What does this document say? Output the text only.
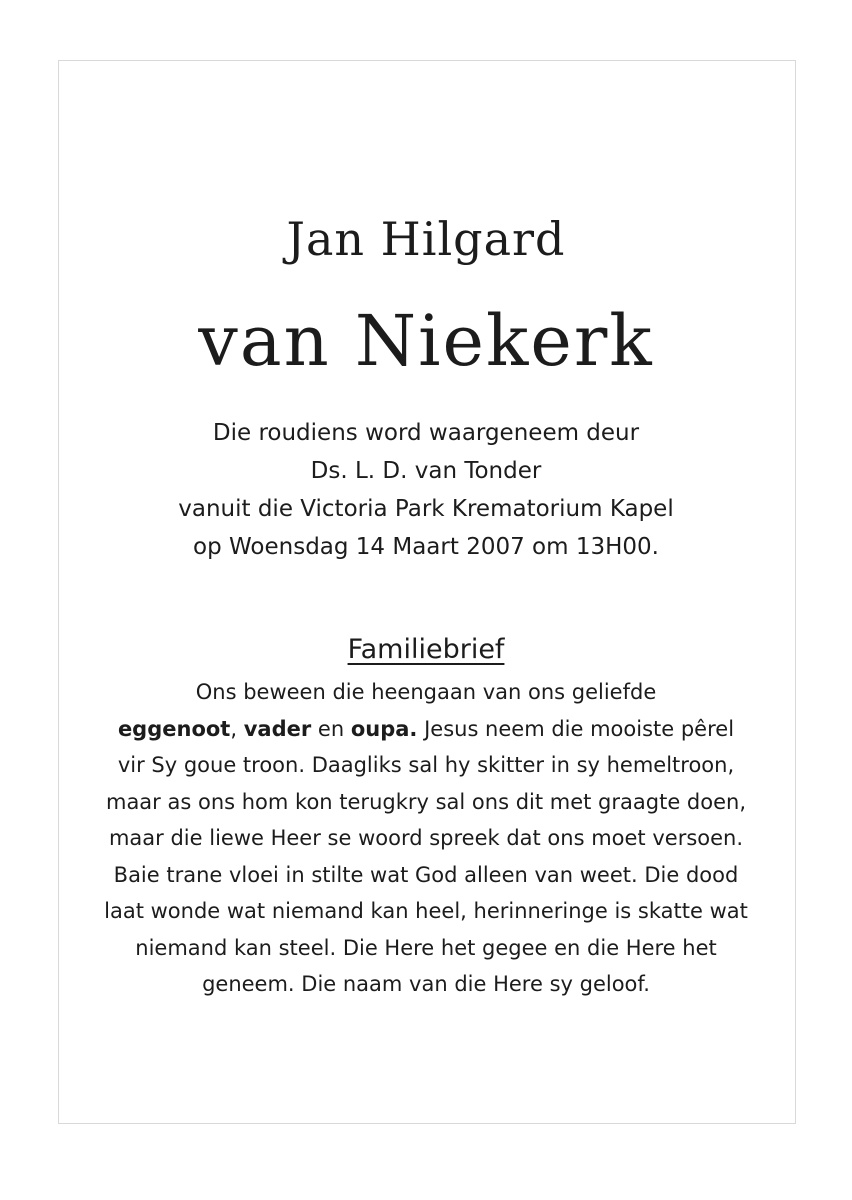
Jan Hilgard
van Niekerk
Die roudiens word waargeneem deur
Ds. L. D. van Tonder
vanuit die Victoria Park Krematorium Kapel
op Woensdag 14 Maart 2007 om 13H00.
Familiebrief
Ons beween die heengaan van ons geliefde
eggenoot, vader en oupa. Jesus neem die mooiste pêrel
vir Sy goue troon. Daagliks sal hy skitter in sy hemeltroon,
maar as ons hom kon terugkry sal ons dit met graagte doen,
maar die liewe Heer se woord spreek dat ons moet versoen.
Baie trane vloei in stilte wat God alleen van weet. Die dood
laat wonde wat niemand kan heel, herinneringe is skatte wat
niemand kan steel. Die Here het gegee en die Here het
geneem. Die naam van die Here sy geloof.
